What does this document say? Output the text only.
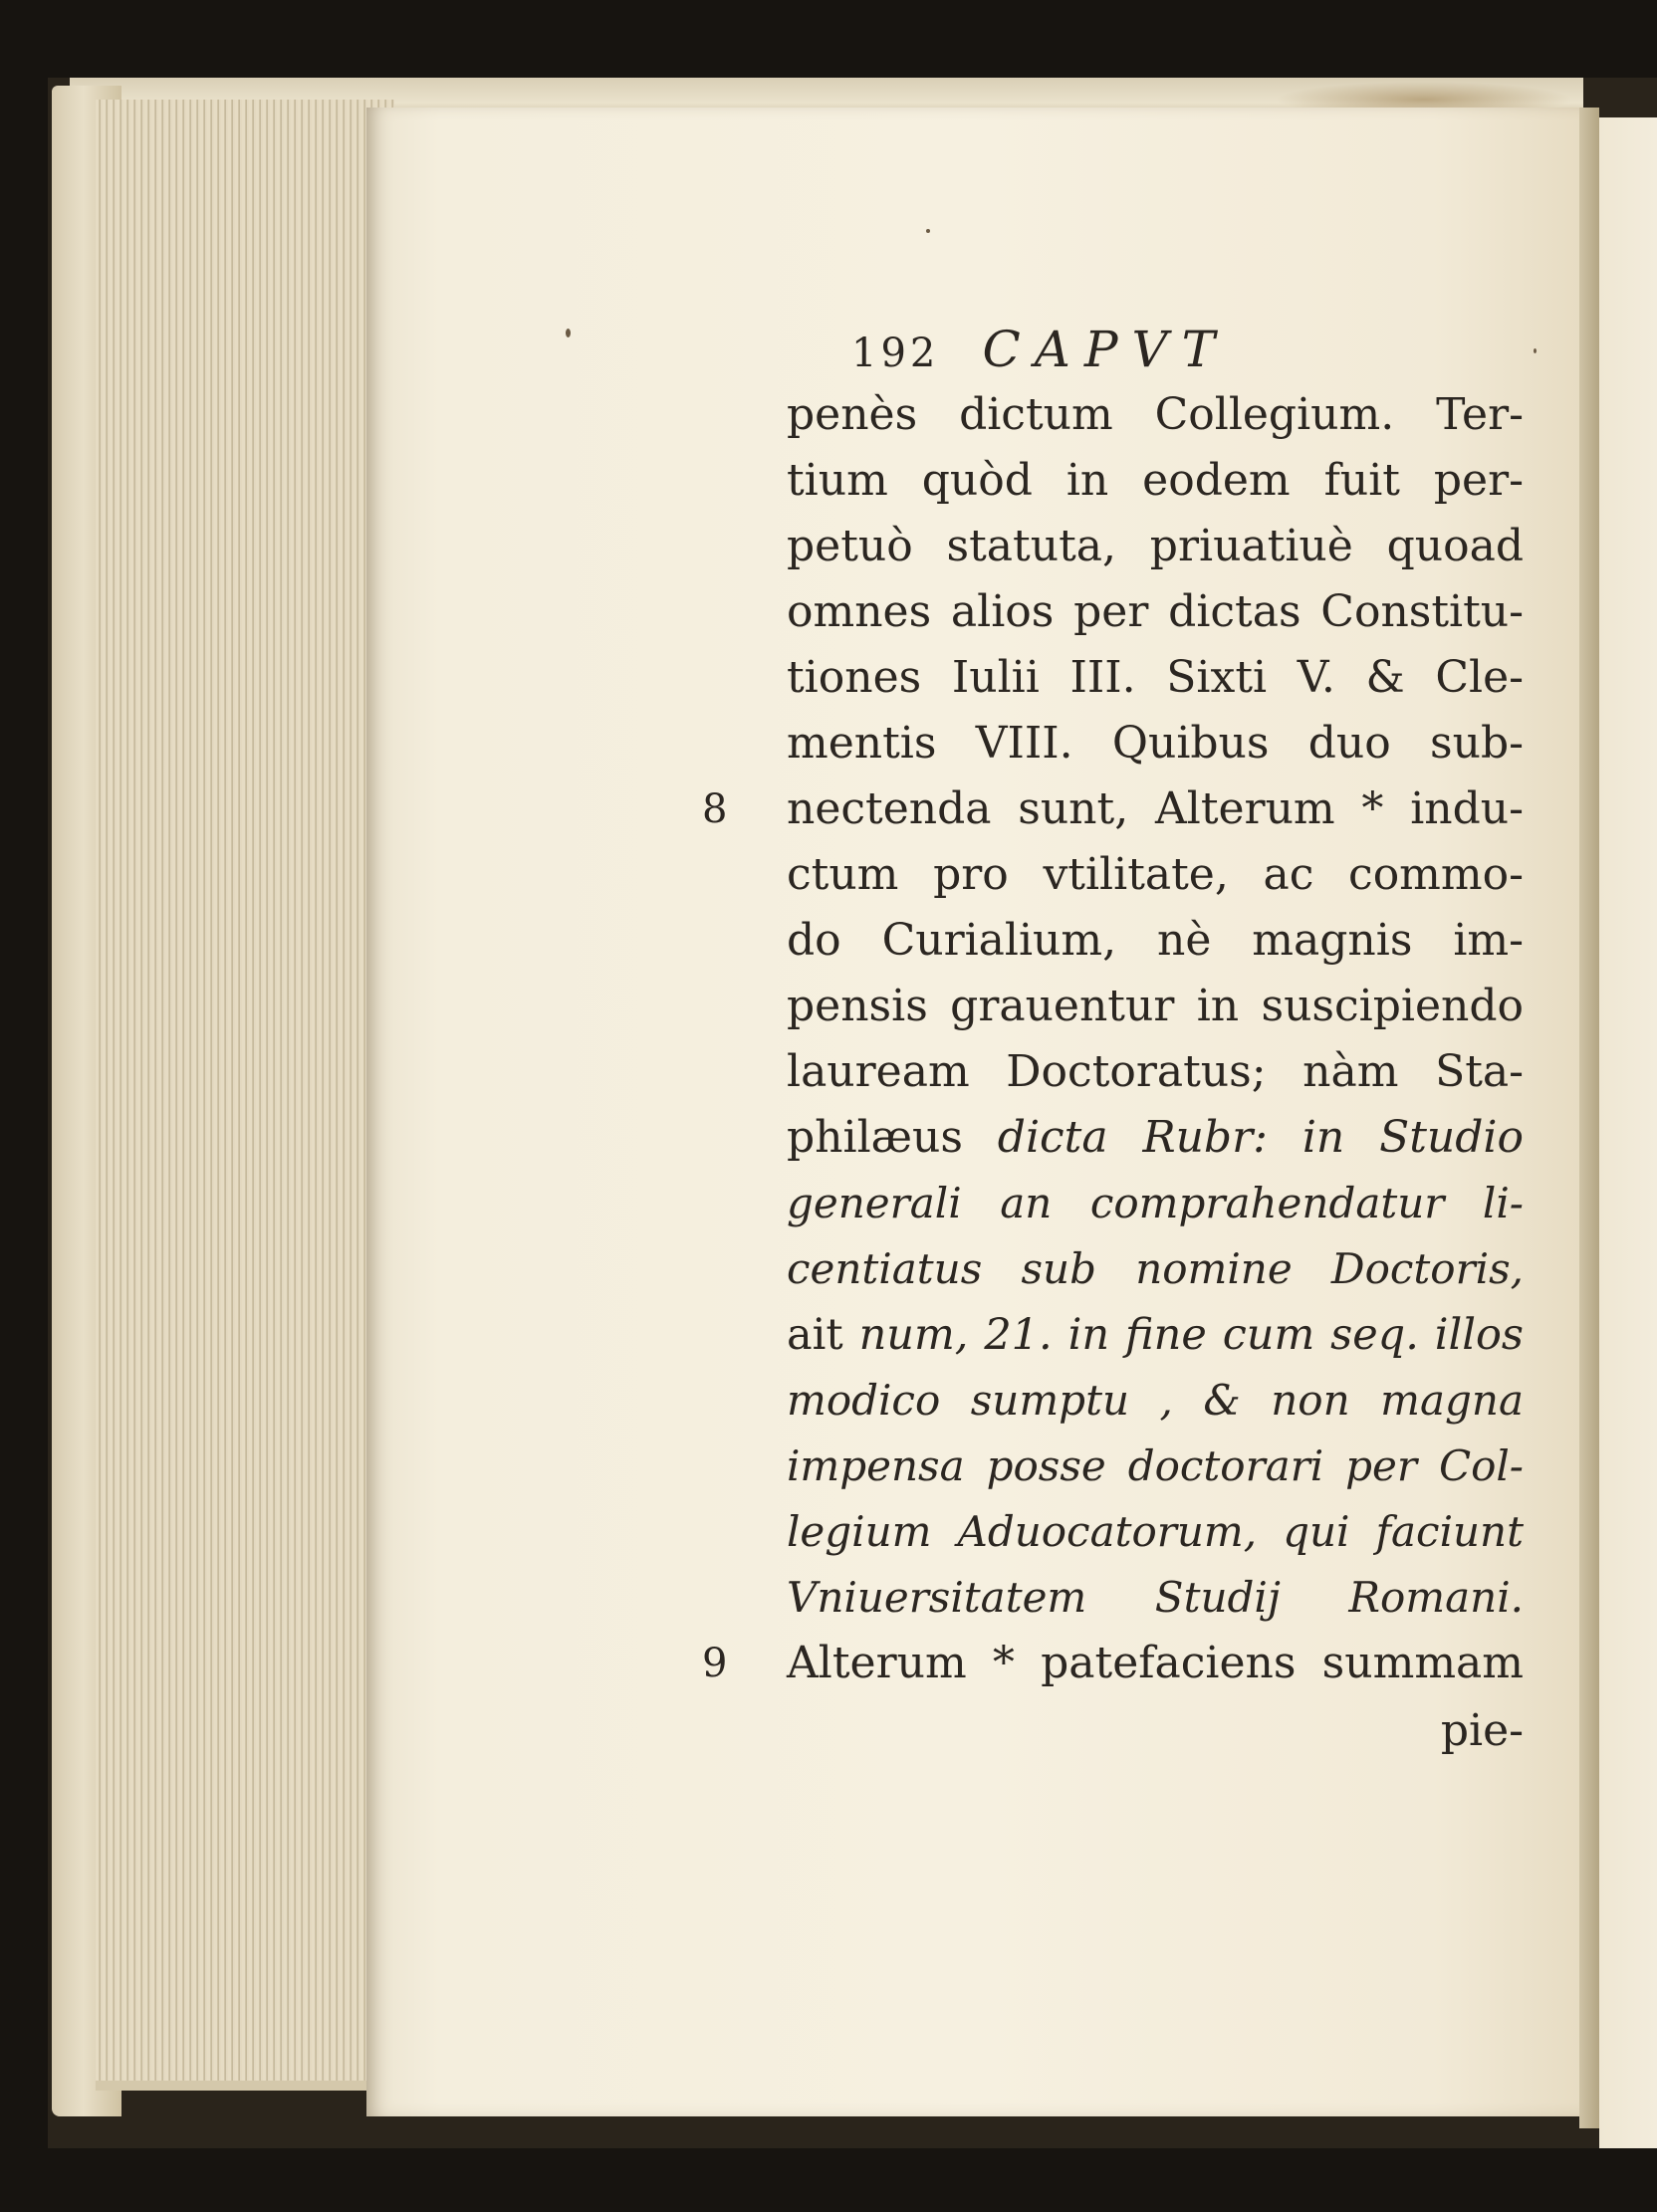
192 CAPVT
penès dictum Collegium. Ter-
tium quòd in eodem fuit per-
petuò statuta, priuatiuè quoad
omnes alios per dictas Constitu-
tiones Iulii III. Sixti V. & Cle-
mentis VIII. Quibus duo sub-
8 nectenda sunt, Alterum * indu-
ctum pro vtilitate, ac commo-
do Curialium, nè magnis im-
pensis grauentur in suscipiendo
lauream Doctoratus; nàm Sta-
philæus dicta Rubr: in Studio
generali an comprahendatur li-
centiatus sub nomine Doctoris,
ait num, 21. in fine cum seq. illos
modico sumptu , & non magna
impensa posse doctorari per Col-
legium Aduocatorum, qui faciunt
Vniuersitatem Studij Romani.
9 Alterum * patefaciens summam
pie-
